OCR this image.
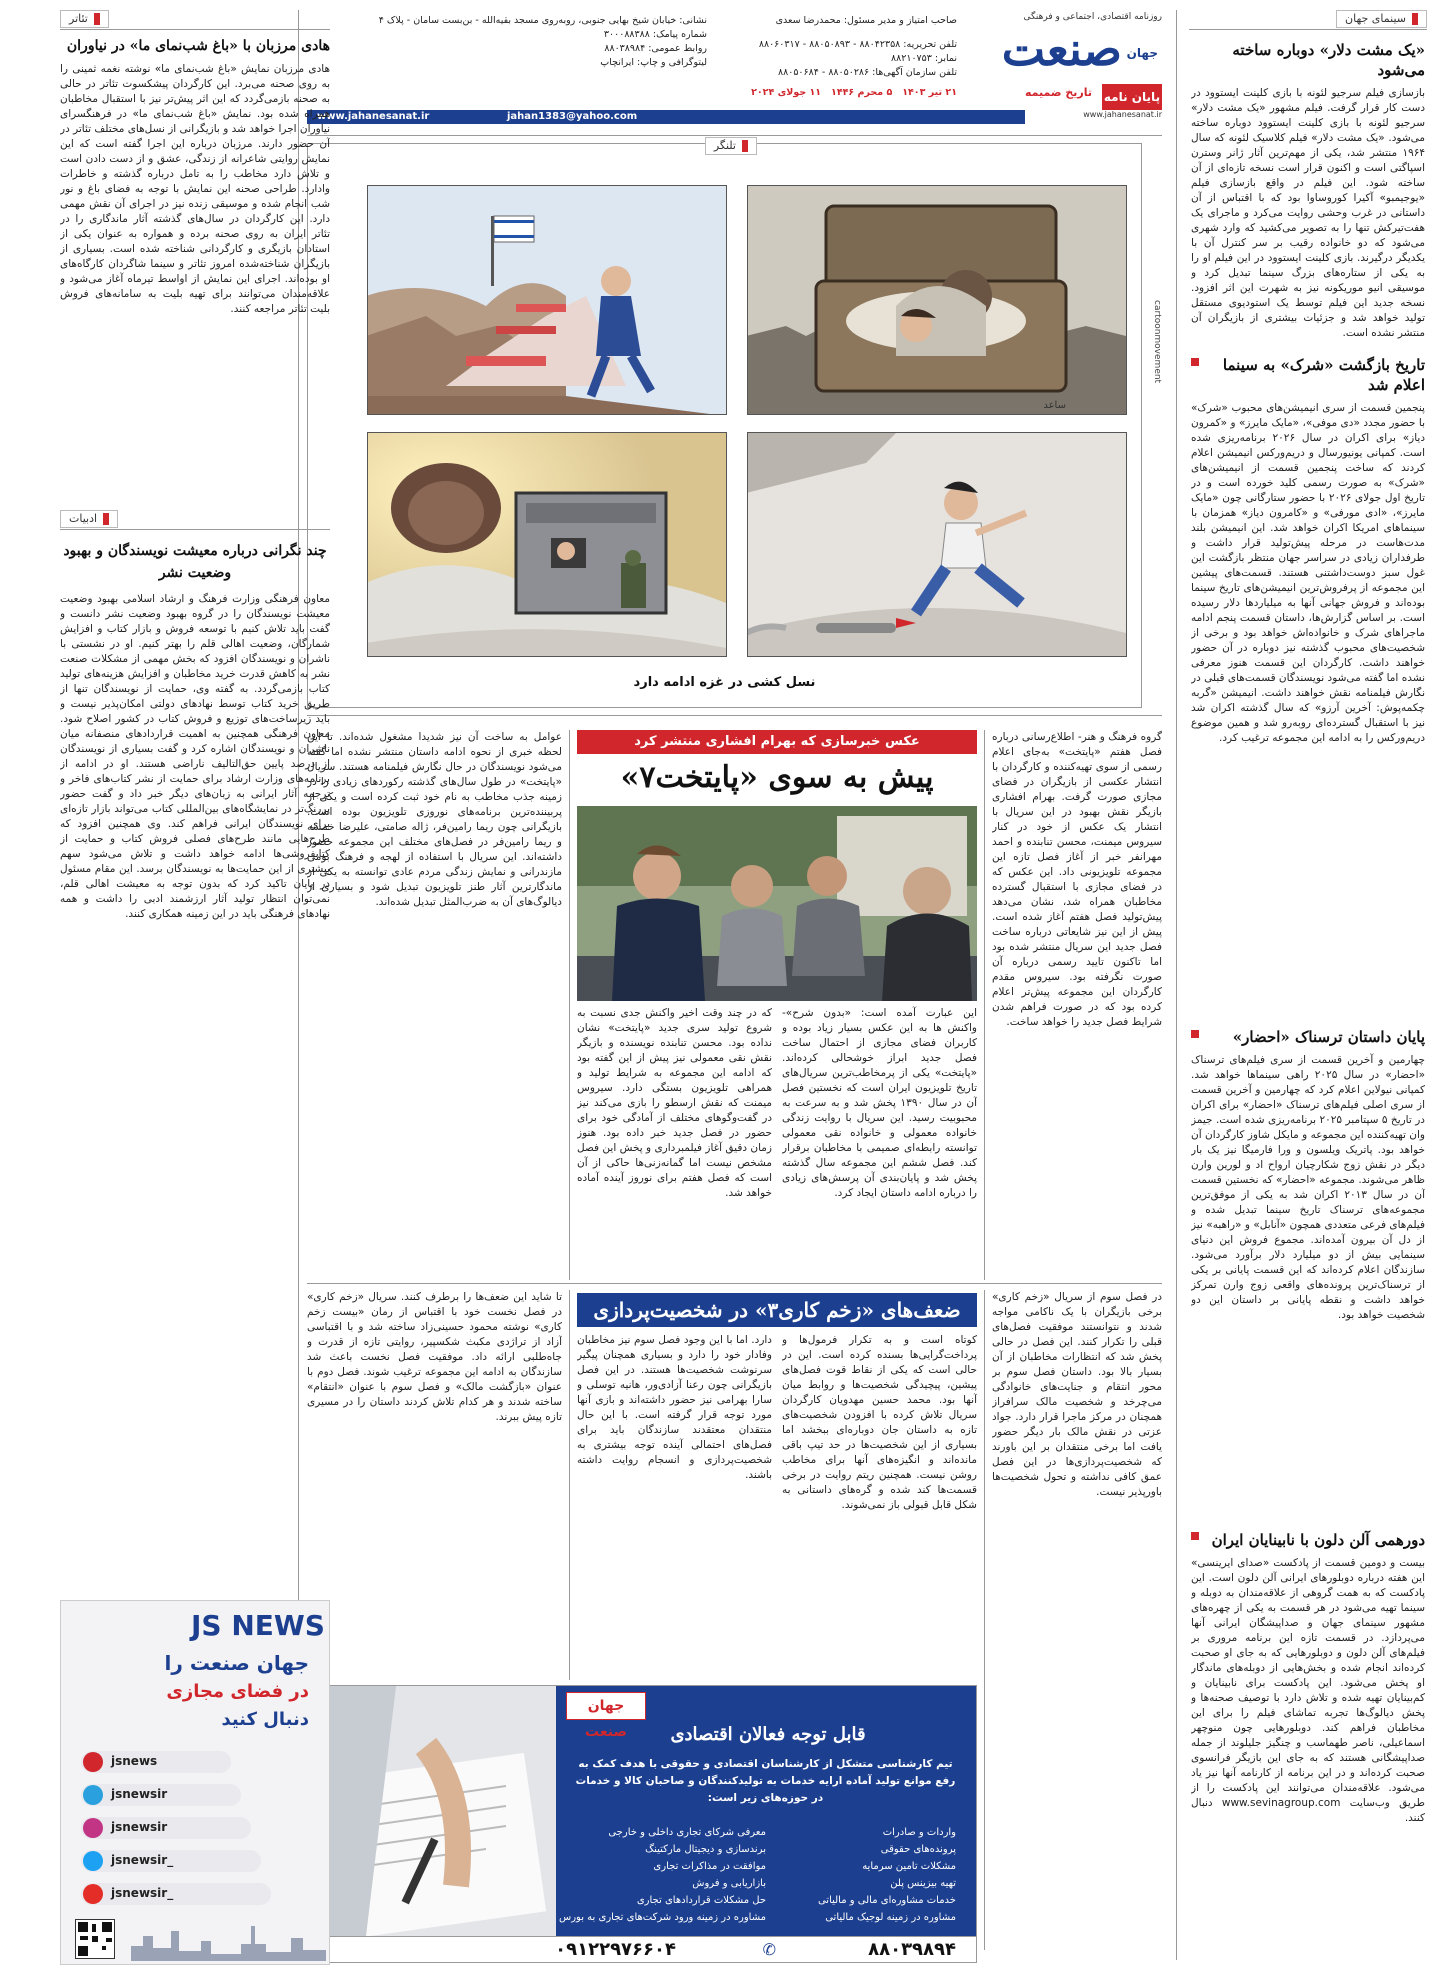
سینمای جهان
«یک مشت دلار» دوباره ساخته می‌شود
بازسازی فیلم سرجیو لئونه با بازی کلینت ایستوود در دست کار قرار گرفت. فیلم مشهور «یک مشت دلار» سرجیو لئونه با بازی کلینت ایستوود دوباره ساخته می‌شود. «یک مشت دلار» فیلم کلاسیک لئونه که سال ۱۹۶۴ منتشر شد، یکی از مهم‌ترین آثار ژانر وسترن اسپاگتی است و اکنون قرار است نسخه تازه‌ای از آن ساخته شود. این فیلم در واقع بازسازی فیلم «یوجیمبو» آکیرا کوروساوا بود که با اقتباس از آن داستانی در غرب وحشی روایت می‌کرد و ماجرای یک هفت‌تیرکش تنها را به تصویر می‌کشید که وارد شهری می‌شود که دو خانواده رقیب بر سر کنترل آن با یکدیگر درگیرند. بازی کلینت ایستوود در این فیلم او را به یکی از ستاره‌های بزرگ سینما تبدیل کرد و موسیقی انیو موریکونه نیز به شهرت این اثر افزود. نسخه جدید این فیلم توسط یک استودیوی مستقل تولید خواهد شد و جزئیات بیشتری از بازیگران آن منتشر نشده است.
تاریخ بازگشت «شرک» به سینما اعلام شد
پنجمین قسمت از سری انیمیشن‌های محبوب «شرک» با حضور مجدد «دی موفی»، «مایک مایرز» و «کمرون دیاز» برای اکران در سال ۲۰۲۶ برنامه‌ریزی شده است. کمپانی یونیورسال و دریم‌ورکس انیمیشن اعلام کردند که ساخت پنجمین قسمت از انیمیشن‌های «شرک» به صورت رسمی کلید خورده است و در تاریخ اول جولای ۲۰۲۶ با حضور ستارگانی چون «مایک مایرز»، «ادی مورفی» و «کامرون دیاز» همزمان با سینماهای امریکا اکران خواهد شد. این انیمیشن بلند مدت‌هاست در مرحله پیش‌تولید قرار داشت و طرفداران زیادی در سراسر جهان منتظر بازگشت این غول سبز دوست‌داشتنی هستند. قسمت‌های پیشین این مجموعه از پرفروش‌ترین انیمیشن‌های تاریخ سینما بوده‌اند و فروش جهانی آنها به میلیاردها دلار رسیده است. بر اساس گزارش‌ها، داستان قسمت پنجم ادامه ماجراهای شرک و خانواده‌اش خواهد بود و برخی از شخصیت‌های محبوب گذشته نیز دوباره در آن حضور خواهند داشت. کارگردان این قسمت هنوز معرفی نشده اما گفته می‌شود نویسندگان قسمت‌های قبلی در نگارش فیلمنامه نقش خواهند داشت. انیمیشن «گربه چکمه‌پوش: آخرین آرزو» که سال گذشته اکران شد نیز با استقبال گسترده‌ای روبه‌رو شد و همین موضوع دریم‌ورکس را به ادامه این مجموعه ترغیب کرد.
پایان داستان ترسناک «احضار»
چهارمین و آخرین قسمت از سری فیلم‌های ترسناک «احضار» در سال ۲۰۲۵ راهی سینماها خواهد شد. کمپانی نیولاین اعلام کرد که چهارمین و آخرین قسمت از سری اصلی فیلم‌های ترسناک «احضار» برای اکران در تاریخ ۵ سپتامبر ۲۰۲۵ برنامه‌ریزی شده است. جیمز وان تهیه‌کننده این مجموعه و مایکل شاوز کارگردان آن خواهد بود. پاتریک ویلسون و ورا فارمیگا نیز یک بار دیگر در نقش زوج شکارچیان ارواح اد و لورین وارن ظاهر می‌شوند. مجموعه «احضار» که نخستین قسمت آن در سال ۲۰۱۳ اکران شد به یکی از موفق‌ترین مجموعه‌های ترسناک تاریخ سینما تبدیل شده و فیلم‌های فرعی متعددی همچون «آنابل» و «راهبه» نیز از دل آن بیرون آمده‌اند. مجموع فروش این دنیای سینمایی بیش از دو میلیارد دلار برآورد می‌شود. سازندگان اعلام کرده‌اند که این قسمت پایانی بر یکی از ترسناک‌ترین پرونده‌های واقعی زوج وارن تمرکز خواهد داشت و نقطه پایانی بر داستان این دو شخصیت خواهد بود.
دورهمی آلن دلون با نابینایان ایران
بیست و دومین قسمت از پادکست «صدای ایرینسی» این هفته درباره دوبلورهای ایرانی آلن دلون است. این پادکست که به همت گروهی از علاقه‌مندان به دوبله و سینما تهیه می‌شود در هر قسمت به یکی از چهره‌های مشهور سینمای جهان و صداپیشگان ایرانی آنها می‌پردازد. در قسمت تازه این برنامه مروری بر فیلم‌های آلن دلون و دوبلورهایی که به جای او صحبت کرده‌اند انجام شده و بخش‌هایی از دوبله‌های ماندگار او پخش می‌شود. این پادکست برای نابینایان و کم‌بینایان تهیه شده و تلاش دارد با توصیف صحنه‌ها و پخش دیالوگ‌ها تجربه تماشای فیلم را برای این مخاطبان فراهم کند. دوبلورهایی چون منوچهر اسماعیلی، ناصر طهماسب و چنگیز جلیلوند از جمله صداپیشگانی هستند که به جای این بازیگر فرانسوی صحبت کرده‌اند و در این برنامه از کارنامه آنها نیز یاد می‌شود. علاقه‌مندان می‌توانند این پادکست را از طریق وب‌سایت www.sevinagroup.com دنبال کنند.
روزنامه اقتصادی، اجتماعی و فرهنگی
صنعت جهان
پایان نامه
تاریخ ضمیمه
www.jahanesanat.ir
صاحب امتیاز و مدیر مسئول: محمدرضا سعدی
تلفن تحریریه: ۸۸۰۴۲۳۵۸ - ۸۸۰۵۰۸۹۳ - ۸۸۰۶۰۳۱۷
نمابر: ۸۸۲۱۰۷۵۳
تلفن سازمان آگهی‌ها: ۸۸۰۵۰۲۸۶ - ۸۸۰۵۰۶۸۴
۲۱ تیر ۱۴۰۳   ۵ محرم ۱۴۴۶   ۱۱ جولای ۲۰۲۴
نشانی: خیابان شیخ بهایی جنوبی، روبه‌روی مسجد بقیه‌الله - بن‌بست سامان - پلاک ۴
شماره پیامک: ۳۰۰۰۸۸۳۸۸
روابط عمومی: ۸۸۰۳۸۹۸۴
لیتوگرافی و چاپ: ایرانچاپ
www.jahanesanat.ir	jahan1383@yahoo.com
تلنگر
cartoonmovement
ساعد
نسل کشی در غزه ادامه دارد
گروه فرهنگ و هنر- اطلاع‌رسانی درباره فصل هفتم «پایتخت» به‌جای اعلام رسمی از سوی تهیه‌کننده و کارگردان با انتشار عکسی از بازیگران در فضای مجازی صورت گرفت. بهرام افشاری بازیگر نقش بهبود در این سریال با انتشار یک عکس از خود در کنار سیروس میمنت، محسن تنابنده و احمد مهرانفر خبر از آغاز فصل تازه این مجموعه تلویزیونی داد. این عکس که در فضای مجازی با استقبال گسترده مخاطبان همراه شد، نشان می‌دهد پیش‌تولید فصل هفتم آغاز شده است. پیش از این نیز شایعاتی درباره ساخت فصل جدید این سریال منتشر شده بود اما تاکنون تایید رسمی درباره آن صورت نگرفته بود. سیروس مقدم کارگردان این مجموعه پیش‌تر اعلام کرده بود که در صورت فراهم شدن شرایط فصل جدید را خواهد ساخت.
عکس خبرسازی که بهرام افشاری منتشر کرد
پیش به سوی «پایتخت۷»
این عبارت آمده است: «بدون شرح»- واکنش ها به این عکس بسیار زیاد بوده و کاربران فضای مجازی از احتمال ساخت فصل جدید ابراز خوشحالی کرده‌اند. «پایتخت» یکی از پرمخاطب‌ترین سریال‌های تاریخ تلویزیون ایران است که نخستین فصل آن در سال ۱۳۹۰ پخش شد و به سرعت به محبوبیت رسید. این سریال با روایت زندگی خانواده معمولی و خانواده نقی معمولی توانسته رابطه‌ای صمیمی با مخاطبان برقرار کند. فصل ششم این مجموعه سال گذشته پخش شد و پایان‌بندی آن پرسش‌های زیادی را درباره ادامه داستان ایجاد کرد.
که در چند وقت اخیر واکنش جدی نسبت به شروع تولید سری جدید «پایتخت» نشان نداده بود. محسن تنابنده نویسنده و بازیگر نقش نقی معمولی نیز پیش از این گفته بود که ادامه این مجموعه به شرایط تولید و همراهی تلویزیون بستگی دارد. سیروس میمنت که نقش ارسطو را بازی می‌کند نیز در گفت‌وگوهای مختلف از آمادگی خود برای حضور در فصل جدید خبر داده بود. هنوز زمان دقیق آغاز فیلمبرداری و پخش این فصل مشخص نیست اما گمانه‌زنی‌ها حاکی از آن است که فصل هفتم برای نوروز آینده آماده خواهد شد.
عوامل به ساخت آن نیز شدیدا مشغول شده‌اند. تا این لحظه خبری از نحوه ادامه داستان منتشر نشده اما گفته می‌شود نویسندگان در حال نگارش فیلمنامه هستند. سریال «پایتخت» در طول سال‌های گذشته رکوردهای زیادی را در زمینه جذب مخاطب به نام خود ثبت کرده است و یکی از پربیننده‌ترین برنامه‌های نوروزی تلویزیون بوده است. بازیگرانی چون ریما رامین‌فر، ژاله صامتی، علیرضا خمسه و ریما رامین‌فر در فصل‌های مختلف این مجموعه حضور داشته‌اند. این سریال با استفاده از لهجه و فرهنگ بومی مازندرانی و نمایش زندگی مردم عادی توانسته به یکی از ماندگارترین آثار طنز تلویزیون تبدیل شود و بسیاری از دیالوگ‌های آن به ضرب‌المثل تبدیل شده‌اند.
در فصل سوم از سریال «زخم کاری» برخی بازیگران با یک ناکامی مواجه شدند و نتوانستند موفقیت فصل‌های قبلی را تکرار کنند. این فصل در حالی پخش شد که انتظارات مخاطبان از آن بسیار بالا بود. داستان فصل سوم بر محور انتقام و جنایت‌های خانوادگی می‌چرخد و شخصیت مالک سرافراز همچنان در مرکز ماجرا قرار دارد. جواد عزتی در نقش مالک بار دیگر حضور یافت اما برخی منتقدان بر این باورند که شخصیت‌پردازی‌ها در این فصل عمق کافی نداشته و تحول شخصیت‌ها باورپذیر نیست.
ضعف‌های «زخم کاری۳» در شخصیت‌پردازی
کوتاه است و به تکرار فرمول‌ها و پرداخت‌گرایی‌ها بسنده کرده است. این در حالی است که یکی از نقاط قوت فصل‌های پیشین، پیچیدگی شخصیت‌ها و روابط میان آنها بود. محمد حسین مهدویان کارگردان سریال تلاش کرده با افزودن شخصیت‌های تازه به داستان جان دوباره‌ای ببخشد اما بسیاری از این شخصیت‌ها در حد تیپ باقی مانده‌اند و انگیزه‌های آنها برای مخاطب روشن نیست. همچنین ریتم روایت در برخی قسمت‌ها کند شده و گره‌های داستانی به شکل قابل قبولی باز نمی‌شوند.
دارد. اما با این وجود فصل سوم نیز مخاطبان وفادار خود را دارد و بسیاری همچنان پیگیر سرنوشت شخصیت‌ها هستند. در این فصل بازیگرانی چون رعنا آزادی‌ور، هانیه توسلی و سارا بهرامی نیز حضور داشته‌اند و بازی آنها مورد توجه قرار گرفته است. با این حال منتقدان معتقدند سازندگان باید برای فصل‌های احتمالی آینده توجه بیشتری به شخصیت‌پردازی و انسجام روایت داشته باشند.
تا شاید این ضعف‌ها را برطرف کنند. سریال «زخم کاری» در فصل نخست خود با اقتباس از رمان «بیست زخم کاری» نوشته محمود حسینی‌زاد ساخته شد و با اقتباسی آزاد از تراژدی مکبث شکسپیر، روایتی تازه از قدرت و جاه‌طلبی ارائه داد. موفقیت فصل نخست باعث شد سازندگان به ادامه این مجموعه ترغیب شوند. فصل دوم با عنوان «بازگشت مالک» و فصل سوم با عنوان «انتقام» ساخته شدند و هر کدام تلاش کردند داستان را در مسیری تازه پیش ببرند.
قابل توجه فعالان اقتصادی
تیم کارشناسی متشکل از کارشناسان اقتصادی و حقوقی با هدف کمک به رفع موانع تولید آماده ارایه خدمات به تولیدکنندگان و صاحبان کالا و خدمات در حوزه‌های زیر است:
واردات و صادرات
پرونده‌های حقوقی
مشکلات تامین سرمایه
تهیه بیزینس پلن
خدمات مشاوره‌ای مالی و مالیاتی
مشاوره در زمینه لوجیک مالیاتی
معرفی شرکای تجاری داخلی و خارجی
برندسازی و دیجیتال مارکتینگ
موافقت در مذاکرات تجاری
بازاریابی و فروش
حل مشکلات قراردادهای تجاری
مشاوره در زمینه ورود شرکت‌های تجاری به بورس
جهان صنعت
۸۸۰۳۹۸۹۴
✆
۰۹۱۲۲۹۷۶۶۰۴
تئاتر
هادی مرزبان با «باغ شب‌نمای ما» در نیاوران
هادی مرزبان نمایش «باغ شب‌نمای ما» نوشته نغمه ثمینی را به روی صحنه می‌برد. این کارگردان پیشکسوت تئاتر در حالی به صحنه بازمی‌گردد که این اثر پیش‌تر نیز با استقبال مخاطبان همراه شده بود. نمایش «باغ شب‌نمای ما» در فرهنگسرای نیاوران اجرا خواهد شد و بازیگرانی از نسل‌های مختلف تئاتر در آن حضور دارند. مرزبان درباره این اجرا گفته است که این نمایش روایتی شاعرانه از زندگی، عشق و از دست دادن است و تلاش دارد مخاطب را به تامل درباره گذشته و خاطرات وادارد. طراحی صحنه این نمایش با توجه به فضای باغ و نور شب انجام شده و موسیقی زنده نیز در اجرای آن نقش مهمی دارد. این کارگردان در سال‌های گذشته آثار ماندگاری را در تئاتر ایران به روی صحنه برده و همواره به عنوان یکی از استادان بازیگری و کارگردانی شناخته شده است. بسیاری از بازیگران شناخته‌شده امروز تئاتر و سینما شاگردان کارگاه‌های او بوده‌اند. اجرای این نمایش از اواسط تیرماه آغاز می‌شود و علاقه‌مندان می‌توانند برای تهیه بلیت به سامانه‌های فروش بلیت تئاتر مراجعه کنند.
ادبیات
چند نگرانی درباره معیشت نویسندگان و بهبود وضعیت نشر
معاون فرهنگی وزارت فرهنگ و ارشاد اسلامی بهبود وضعیت معیشت نویسندگان را در گروه بهبود وضعیت نشر دانست و گفت باید تلاش کنیم با توسعه فروش و بازار کتاب و افزایش شمارگان، وضعیت اهالی قلم را بهتر کنیم. او در نشستی با ناشران و نویسندگان افزود که بخش مهمی از مشکلات صنعت نشر به کاهش قدرت خرید مخاطبان و افزایش هزینه‌های تولید کتاب بازمی‌گردد. به گفته وی، حمایت از نویسندگان تنها از طریق خرید کتاب توسط نهادهای دولتی امکان‌پذیر نیست و باید زیرساخت‌های توزیع و فروش کتاب در کشور اصلاح شود. معاون فرهنگی همچنین به اهمیت قراردادهای منصفانه میان ناشران و نویسندگان اشاره کرد و گفت بسیاری از نویسندگان از درصد پایین حق‌التالیف ناراضی هستند. او در ادامه از برنامه‌های وزارت ارشاد برای حمایت از نشر کتاب‌های فاخر و ترجمه آثار ایرانی به زبان‌های دیگر خبر داد و گفت حضور پررنگ‌تر در نمایشگاه‌های بین‌المللی کتاب می‌تواند بازار تازه‌ای برای نویسندگان ایرانی فراهم کند. وی همچنین افزود که طرح‌هایی مانند طرح‌های فصلی فروش کتاب و حمایت از کتابفروشی‌ها ادامه خواهد داشت و تلاش می‌شود سهم بیشتری از این حمایت‌ها به نویسندگان برسد. این مقام مسئول در پایان تاکید کرد که بدون توجه به معیشت اهالی قلم، نمی‌توان انتظار تولید آثار ارزشمند ادبی را داشت و همه نهادهای فرهنگی باید در این زمینه همکاری کنند.
JS NEWS
جهان صنعت را
در فضای مجازی
دنبال کنید
jsnews
jsnewsir
jsnewsir
jsnewsir_
jsnewsir_
